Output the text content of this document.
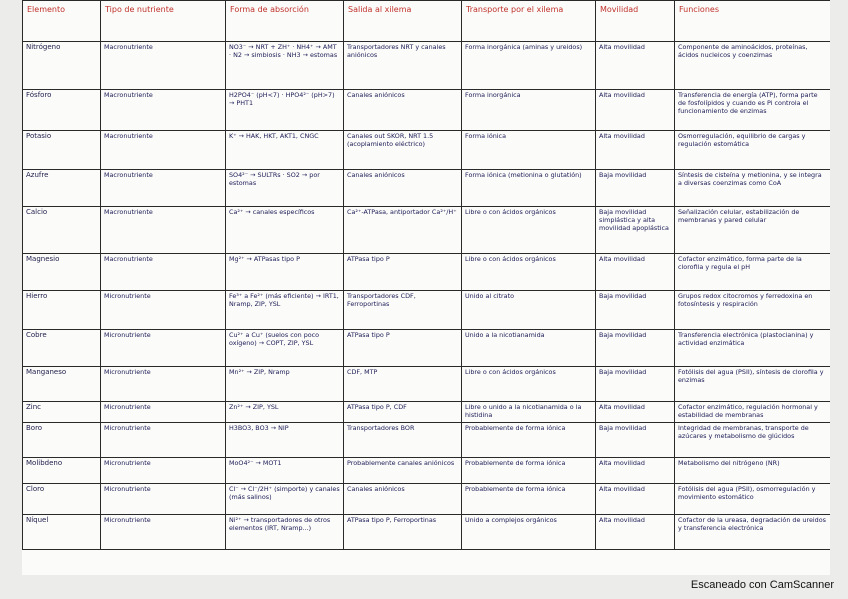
Elemento	Tipo de nutriente	Forma de absorción	Salida al xilema	Transporte por el xilema	Movilidad	Funciones
Nitrógeno	Macronutriente	NO3⁻ → NRT + ZH⁺ · NH4⁺ → AMT · N2 → simbiosis · NH3 → estomas	Transportadores NRT y canales aniónicos	Forma inorgánica (aminas y ureidos)	Alta movilidad	Componente de aminoácidos, proteínas, ácidos nucleicos y coenzimas
Fósforo	Macronutriente	H2PO4⁻ (pH<7) · HPO4²⁻ (pH>7) → PHT1	Canales aniónicos	Forma inorgánica	Alta movilidad	Transferencia de energía (ATP), forma parte de fosfolípidos y cuando es Pi controla el funcionamiento de enzimas
Potasio	Macronutriente	K⁺ → HAK, HKT, AKT1, CNGC	Canales out SKOR, NRT 1.5 (acoplamiento eléctrico)	Forma iónica	Alta movilidad	Osmorregulación, equilibrio de cargas y regulación estomática
Azufre	Macronutriente	SO4²⁻ → SULTRs · SO2 → por estomas	Canales aniónicos	Forma iónica (metionina o glutatión)	Baja movilidad	Síntesis de cisteína y metionina, y se integra a diversas coenzimas como CoA
Calcio	Macronutriente	Ca²⁺ → canales específicos	Ca²⁺-ATPasa, antiportador Ca²⁺/H⁺	Libre o con ácidos orgánicos	Baja movilidad simplástica y alta movilidad apoplástica	Señalización celular, estabilización de membranas y pared celular
Magnesio	Macronutriente	Mg²⁺ → ATPasas tipo P	ATPasa tipo P	Libre o con ácidos orgánicos	Alta movilidad	Cofactor enzimático, forma parte de la clorofila y regula el pH
Hierro	Micronutriente	Fe³⁺ a Fe²⁺ (más eficiente) → IRT1, Nramp, ZIP, YSL	Transportadores CDF, Ferroportinas	Unido al citrato	Baja movilidad	Grupos redox citocromos y ferredoxina en fotosíntesis y respiración
Cobre	Micronutriente	Cu²⁺ a Cu⁺ (suelos con poco oxígeno) → COPT, ZIP, YSL	ATPasa tipo P	Unido a la nicotianamida	Baja movilidad	Transferencia electrónica (plastocianina) y actividad enzimática
Manganeso	Micronutriente	Mn²⁺ → ZIP, Nramp	CDF, MTP	Libre o con ácidos orgánicos	Baja movilidad	Fotólisis del agua (PSII), síntesis de clorofila y enzimas
Zinc	Micronutriente	Zn²⁺ → ZIP, YSL	ATPasa tipo P, CDF	Libre o unido a la nicotianamida o la histidina	Alta movilidad	Cofactor enzimático, regulación hormonal y estabilidad de membranas
Boro	Micronutriente	H3BO3, BO3 → NIP	Transportadores BOR	Probablemente de forma iónica	Baja movilidad	Integridad de membranas, transporte de azúcares y metabolismo de glúcidos
Molibdeno	Micronutriente	MoO4²⁻ → MOT1	Probablemente canales aniónicos	Probablemente de forma iónica	Alta movilidad	Metabolismo del nitrógeno (NR)
Cloro	Micronutriente	Cl⁻ → Cl⁻/2H⁺ (simporte) y canales (más salinos)	Canales aniónicos	Probablemente de forma iónica	Alta movilidad	Fotólisis del agua (PSII), osmorregulación y movimiento estomático
Níquel	Micronutriente	Ni²⁺ → transportadores de otros elementos (IRT, Nramp...)	ATPasa tipo P, Ferroportinas	Unido a complejos orgánicos	Alta movilidad	Cofactor de la ureasa, degradación de ureidos y transferencia electrónica
Escaneado con CamScanner
